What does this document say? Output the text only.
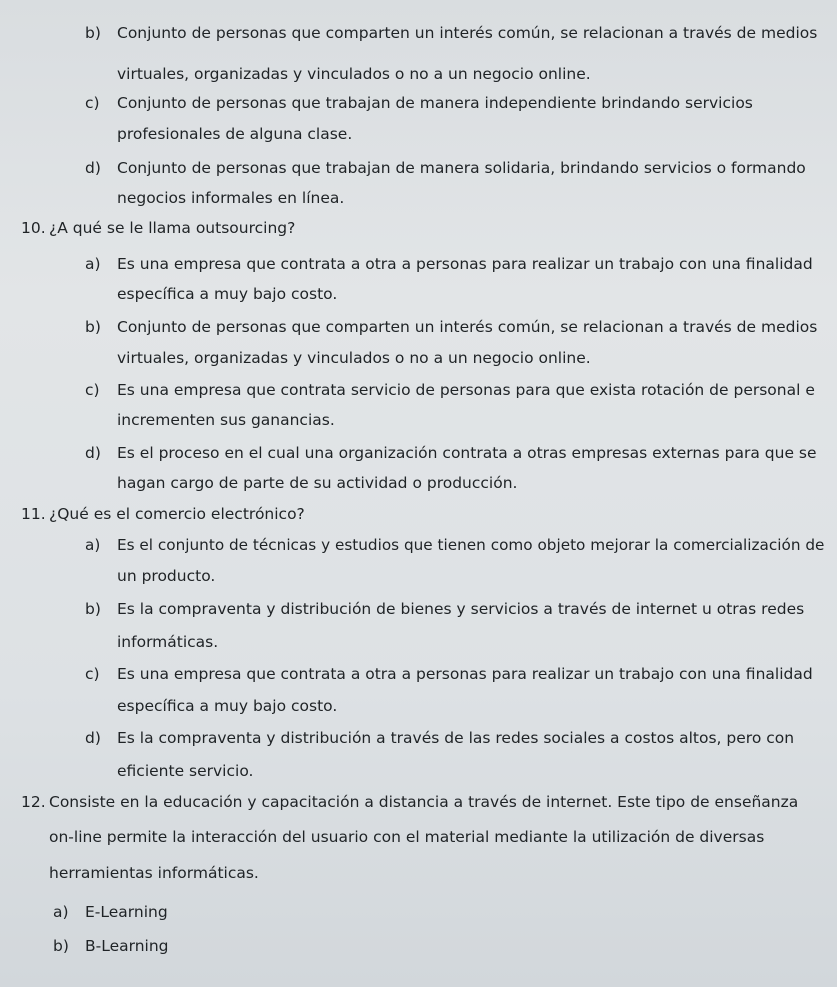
b) Conjunto de personas que comparten un interés común, se relacionan a través de medios
virtuales, organizadas y vinculados o no a un negocio online.
c) Conjunto de personas que trabajan de manera independiente brindando servicios
profesionales de alguna clase.
d) Conjunto de personas que trabajan de manera solidaria, brindando servicios o formando
negocios informales en línea.
10. ¿A qué se le llama outsourcing?
a) Es una empresa que contrata a otra a personas para realizar un trabajo con una finalidad
específica a muy bajo costo.
b) Conjunto de personas que comparten un interés común, se relacionan a través de medios
virtuales, organizadas y vinculados o no a un negocio online.
c) Es una empresa que contrata servicio de personas para que exista rotación de personal e
incrementen sus ganancias.
d) Es el proceso en el cual una organización contrata a otras empresas externas para que se
hagan cargo de parte de su actividad o producción.
11. ¿Qué es el comercio electrónico?
a) Es el conjunto de técnicas y estudios que tienen como objeto mejorar la comercialización de
un producto.
b) Es la compraventa y distribución de bienes y servicios a través de internet u otras redes
informáticas.
c) Es una empresa que contrata a otra a personas para realizar un trabajo con una finalidad
específica a muy bajo costo.
d) Es la compraventa y distribución a través de las redes sociales a costos altos, pero con
eficiente servicio.
12. Consiste en la educación y capacitación a distancia a través de internet. Este tipo de enseñanza
on-line permite la interacción del usuario con el material mediante la utilización de diversas
herramientas informáticas.
a) E-Learning
b) B-Learning
